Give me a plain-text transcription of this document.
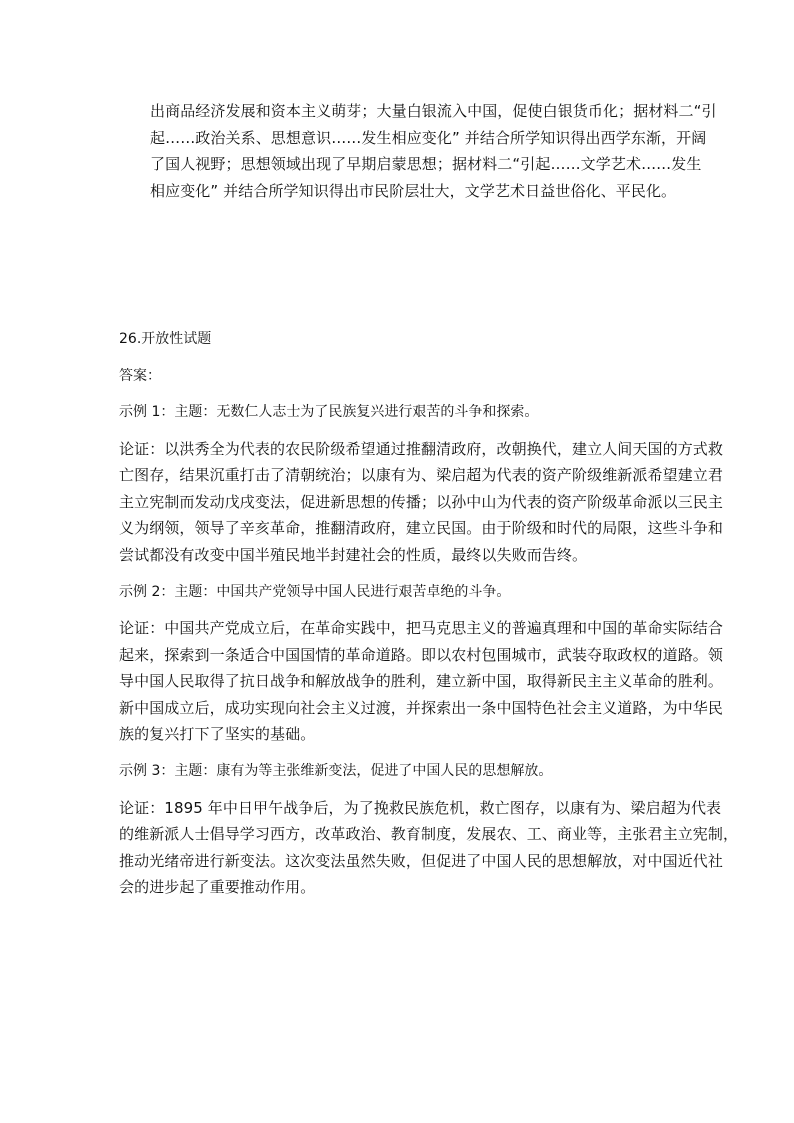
出商品经济发展和资本主义萌芽；大量白银流入中国，促使白银货币化；据材料二“引
起……政治关系、思想意识……发生相应变化” 并结合所学知识得出西学东渐，开阔
了国人视野；思想领域出现了早期启蒙思想；据材料二“引起……文学艺术……发生
相应变化” 并结合所学知识得出市民阶层壮大，文学艺术日益世俗化、平民化。
26.开放性试题
答案：
示例 1：主题：无数仁人志士为了民族复兴进行艰苦的斗争和探索。
论证：以洪秀全为代表的农民阶级希望通过推翻清政府，改朝换代，建立人间天国的方式救
亡图存，结果沉重打击了清朝统治；以康有为、梁启超为代表的资产阶级维新派希望建立君
主立宪制而发动戊戌变法，促进新思想的传播；以孙中山为代表的资产阶级革命派以三民主
义为纲领，领导了辛亥革命，推翻清政府，建立民国。由于阶级和时代的局限，这些斗争和
尝试都没有改变中国半殖民地半封建社会的性质，最终以失败而告终。
示例 2：主题：中国共产党领导中国人民进行艰苦卓绝的斗争。
论证：中国共产党成立后，在革命实践中，把马克思主义的普遍真理和中国的革命实际结合
起来，探索到一条适合中国国情的革命道路。即以农村包围城市，武装夺取政权的道路。领
导中国人民取得了抗日战争和解放战争的胜利，建立新中国，取得新民主主义革命的胜利。
新中国成立后，成功实现向社会主义过渡，并探索出一条中国特色社会主义道路，为中华民
族的复兴打下了坚实的基础。
示例 3：主题：康有为等主张维新变法，促进了中国人民的思想解放。
论证：1895 年中日甲午战争后，为了挽救民族危机，救亡图存，以康有为、梁启超为代表
的维新派人士倡导学习西方，改革政治、教育制度，发展农、工、商业等，主张君主立宪制，
推动光绪帝进行新变法。这次变法虽然失败，但促进了中国人民的思想解放，对中国近代社
会的进步起了重要推动作用。
